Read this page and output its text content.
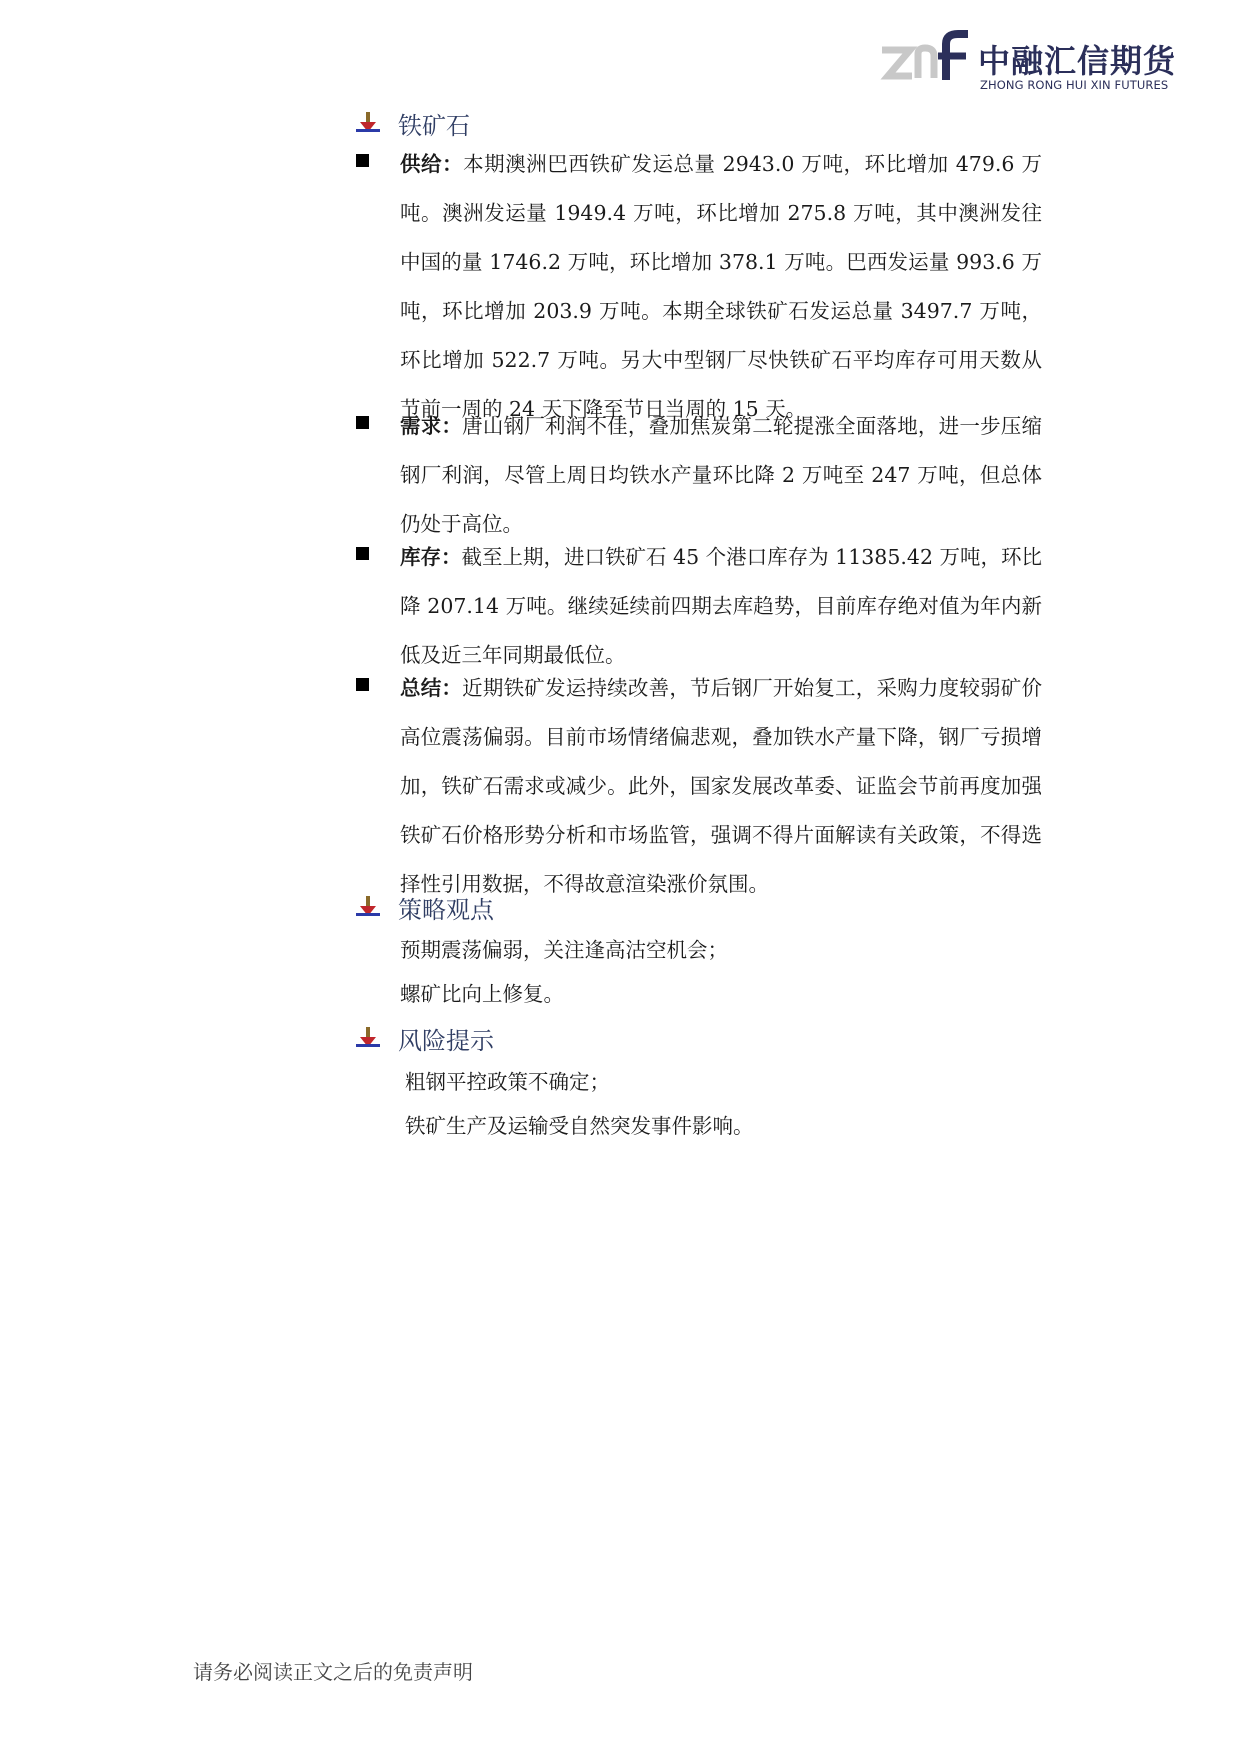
中融汇信期货
ZHONG RONG HUI XIN FUTURES
铁矿石
供给：本期澳洲巴西铁矿发运总量 2943.0 万吨，环比增加 479.6 万吨。澳洲发运量 1949.4 万吨，环比增加 275.8 万吨，其中澳洲发往中国的量 1746.2 万吨，环比增加 378.1 万吨。巴西发运量 993.6 万吨，环比增加 203.9 万吨。本期全球铁矿石发运总量 3497.7 万吨，环比增加 522.7 万吨。另大中型钢厂尽快铁矿石平均库存可用天数从节前一周的 24 天下降至节日当周的 15 天。
需求：唐山钢厂利润不佳，叠加焦炭第二轮提涨全面落地，进一步压缩钢厂利润，尽管上周日均铁水产量环比降 2 万吨至 247 万吨，但总体仍处于高位。
库存：截至上期，进口铁矿石 45 个港口库存为 11385.42 万吨，环比降 207.14 万吨。继续延续前四期去库趋势，目前库存绝对值为年内新低及近三年同期最低位。
总结：近期铁矿发运持续改善，节后钢厂开始复工，采购力度较弱矿价高位震荡偏弱。目前市场情绪偏悲观，叠加铁水产量下降，钢厂亏损增加，铁矿石需求或减少。此外，国家发展改革委、证监会节前再度加强铁矿石价格形势分析和市场监管，强调不得片面解读有关政策，不得选择性引用数据，不得故意渲染涨价氛围。
策略观点
预期震荡偏弱，关注逢高沽空机会；
螺矿比向上修复。
风险提示
粗钢平控政策不确定；
铁矿生产及运输受自然突发事件影响。
请务必阅读正文之后的免责声明
